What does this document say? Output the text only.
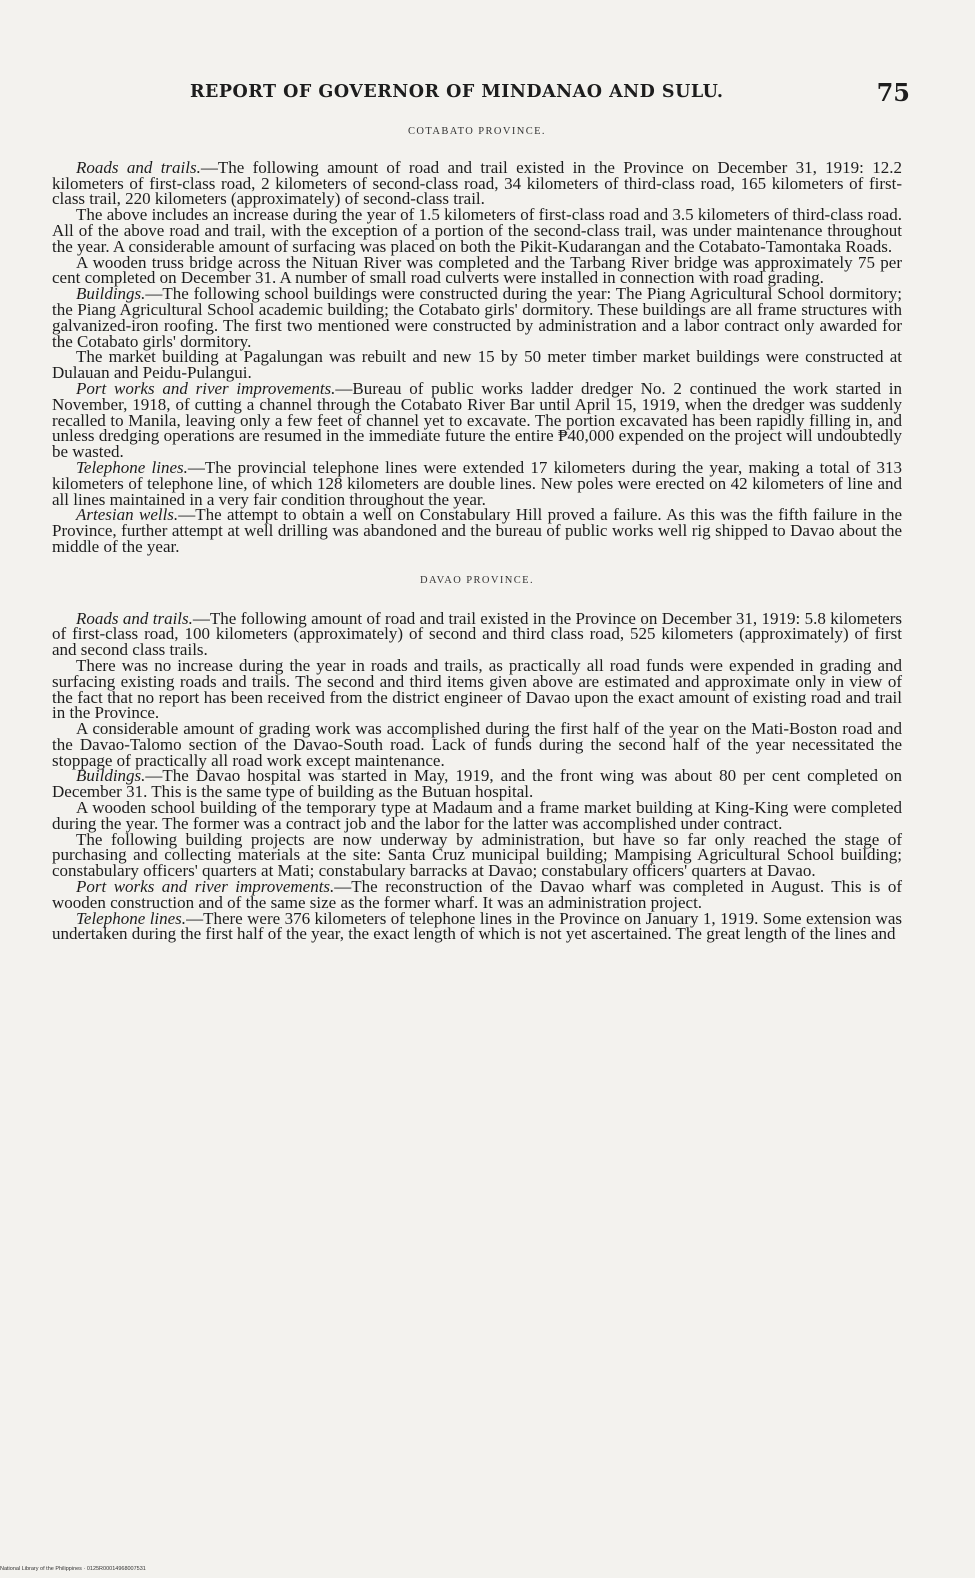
REPORT OF GOVERNOR OF MINDANAO AND SULU.	75
COTABATO PROVINCE.

Roads and trails.—The following amount of road and trail existed in the Province on December 31, 1919: 12.2 kilometers of first-class road, 2 kilometers of second-class road, 34 kilometers of third-class road, 165 kilometers of first-class trail, 220 kilometers (approximately) of second-class trail.

The above includes an increase during the year of 1.5 kilometers of first-class road and 3.5 kilometers of third-class road. All of the above road and trail, with the exception of a portion of the second-class trail, was under maintenance throughout the year. A considerable amount of surfacing was placed on both the Pikit-Kudarangan and the Cotabato-Tamontaka Roads.

A wooden truss bridge across the Nituan River was completed and the Tarbang River bridge was approximately 75 per cent completed on December 31. A number of small road culverts were installed in connection with road grading.

Buildings.—The following school buildings were constructed during the year: The Piang Agricultural School dormitory; the Piang Agricultural School academic building; the Cotabato girls' dormitory. These buildings are all frame structures with galvanized-iron roofing. The first two mentioned were constructed by administration and a labor contract only awarded for the Cotabato girls' dormitory.

The market building at Pagalungan was rebuilt and new 15 by 50 meter timber market buildings were constructed at Dulauan and Peidu-Pulangui.

Port works and river improvements.—Bureau of public works ladder dredger No. 2 continued the work started in November, 1918, of cutting a channel through the Cotabato River Bar until April 15, 1919, when the dredger was suddenly recalled to Manila, leaving only a few feet of channel yet to excavate. The portion excavated has been rapidly filling in, and unless dredging operations are resumed in the immediate future the entire ₱40,000 expended on the project will undoubtedly be wasted.

Telephone lines.—The provincial telephone lines were extended 17 kilometers during the year, making a total of 313 kilometers of telephone line, of which 128 kilometers are double lines. New poles were erected on 42 kilometers of line and all lines maintained in a very fair condition throughout the year.

Artesian wells.—The attempt to obtain a well on Constabulary Hill proved a failure. As this was the fifth failure in the Province, further attempt at well drilling was abandoned and the bureau of public works well rig shipped to Davao about the middle of the year.

DAVAO PROVINCE.

Roads and trails.—The following amount of road and trail existed in the Province on December 31, 1919: 5.8 kilometers of first-class road, 100 kilometers (approximately) of second and third class road, 525 kilometers (approximately) of first and second class trails.

There was no increase during the year in roads and trails, as practically all road funds were expended in grading and surfacing existing roads and trails. The second and third items given above are estimated and approximate only in view of the fact that no report has been received from the district engineer of Davao upon the exact amount of existing road and trail in the Province.

A considerable amount of grading work was accomplished during the first half of the year on the Mati-Boston road and the Davao-Talomo section of the Davao-South road. Lack of funds during the second half of the year necessitated the stoppage of practically all road work except maintenance.

Buildings.—The Davao hospital was started in May, 1919, and the front wing was about 80 per cent completed on December 31. This is the same type of building as the Butuan hospital.

A wooden school building of the temporary type at Madaum and a frame market building at King-King were completed during the year. The former was a contract job and the labor for the latter was accomplished under contract.

The following building projects are now underway by administration, but have so far only reached the stage of purchasing and collecting materials at the site: Santa Cruz municipal building; Mampising Agricultural School building; constabulary officers' quarters at Mati; constabulary barracks at Davao; constabulary officers' quarters at Davao.

Port works and river improvements.—The reconstruction of the Davao wharf was completed in August. This is of wooden construction and of the same size as the former wharf. It was an administration project.

Telephone lines.—There were 376 kilometers of telephone lines in the Province on January 1, 1919. Some extension was undertaken during the first half of the year, the exact length of which is not yet ascertained. The great length of the lines and

National Library of the Philippines · 0125R00014968007531
